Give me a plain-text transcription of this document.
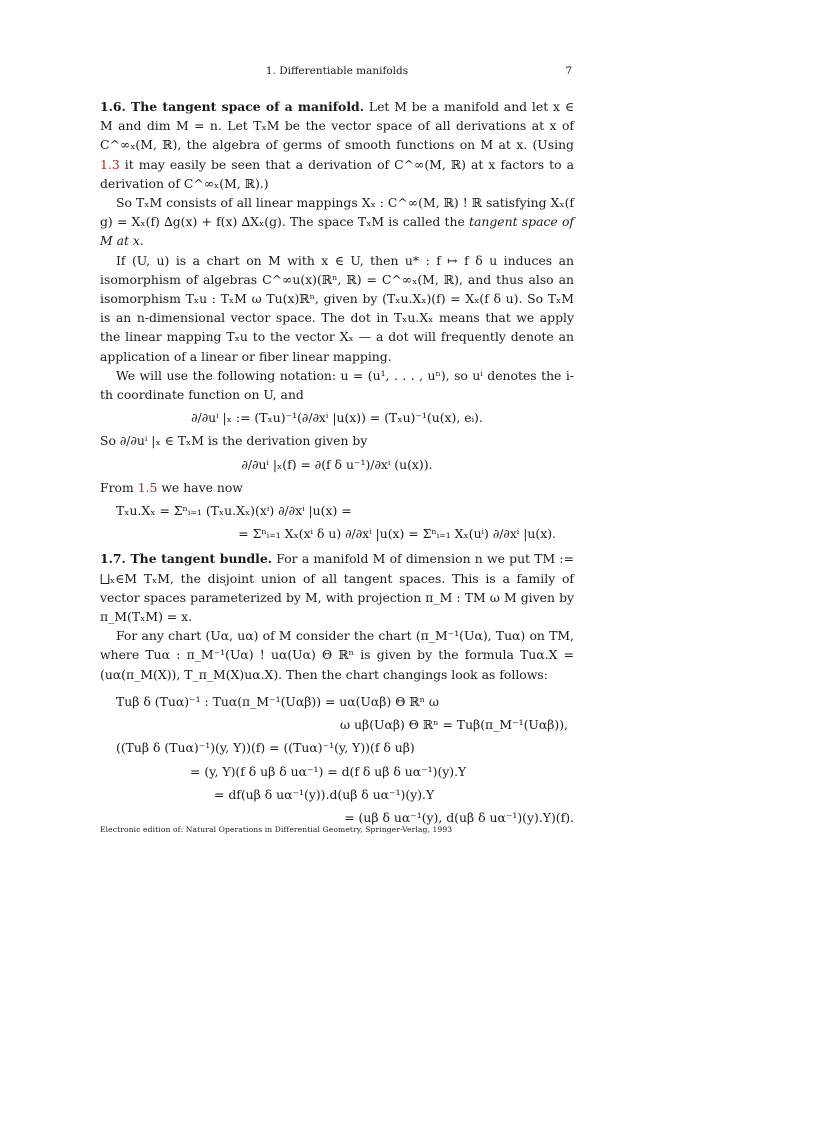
1. Differentiable manifolds	7

1.6. The tangent space of a manifold. Let M be a manifold and let x ∈ M and dim M = n. Let TₓM be the vector space of all derivations at x of C^∞ₓ(M, ℝ), the algebra of germs of smooth functions on M at x. (Using 1.3 it may easily be seen that a derivation of C^∞(M, ℝ) at x factors to a derivation of C^∞ₓ(M, ℝ).)

So TₓM consists of all linear mappings Xₓ : C^∞(M, ℝ) ! ℝ satisfying Xₓ(f g) = Xₓ(f) ∆g(x) + f(x) ∆Xₓ(g). The space TₓM is called the tangent space of M at x.

If (U, u) is a chart on M with x ∈ U, then u* : f ↦ f δ u induces an isomorphism of algebras C^∞u(x)(ℝⁿ, ℝ) = C^∞ₓ(M, ℝ), and thus also an isomorphism Tₓu : TₓM ω Tu(x)ℝⁿ, given by (Tₓu.Xₓ)(f) = Xₓ(f δ u). So TₓM is an n-dimensional vector space. The dot in Tₓu.Xₓ means that we apply the linear mapping Tₓu to the vector Xₓ — a dot will frequently denote an application of a linear or fiber linear mapping.

We will use the following notation: u = (u¹, . . . , uⁿ), so uⁱ denotes the i-th coordinate function on U, and

∂/∂uⁱ |ₓ := (Tₓu)⁻¹(∂/∂xⁱ |u(x)) = (Tₓu)⁻¹(u(x), eᵢ).

So ∂/∂uⁱ |ₓ ∈ TₓM is the derivation given by

∂/∂uⁱ |ₓ(f) = ∂(f δ u⁻¹)/∂xⁱ (u(x)).

From 1.5 we have now

Tₓu.Xₓ = Σⁿᵢ₌₁ (Tₓu.Xₓ)(xⁱ) ∂/∂xⁱ |u(x) =
= Σⁿᵢ₌₁ Xₓ(xⁱ δ u) ∂/∂xⁱ |u(x) = Σⁿᵢ₌₁ Xₓ(uⁱ) ∂/∂xⁱ |u(x).

1.7. The tangent bundle. For a manifold M of dimension n we put TM := ⨆ₓ∈M TₓM, the disjoint union of all tangent spaces. This is a family of vector spaces parameterized by M, with projection π_M : TM ω M given by π_M(TₓM) = x.

For any chart (Uα, uα) of M consider the chart (π_M⁻¹(Uα), Tuα) on TM, where Tuα : π_M⁻¹(Uα) ! uα(Uα) Θ ℝⁿ is given by the formula Tuα.X = (uα(π_M(X)), T_π_M(X)uα.X). Then the chart changings look as follows:

Tuβ δ (Tuα)⁻¹ : Tuα(π_M⁻¹(Uαβ)) = uα(Uαβ) Θ ℝⁿ ω
ω uβ(Uαβ) Θ ℝⁿ = Tuβ(π_M⁻¹(Uαβ)),
((Tuβ δ (Tuα)⁻¹)(y, Y))(f) = ((Tuα)⁻¹(y, Y))(f δ uβ)
= (y, Y)(f δ uβ δ uα⁻¹) = d(f δ uβ δ uα⁻¹)(y).Y
= df(uβ δ uα⁻¹(y)).d(uβ δ uα⁻¹)(y).Y
= (uβ δ uα⁻¹(y), d(uβ δ uα⁻¹)(y).Y)(f).
Electronic edition of: Natural Operations in Differential Geometry, Springer-Verlag, 1993
